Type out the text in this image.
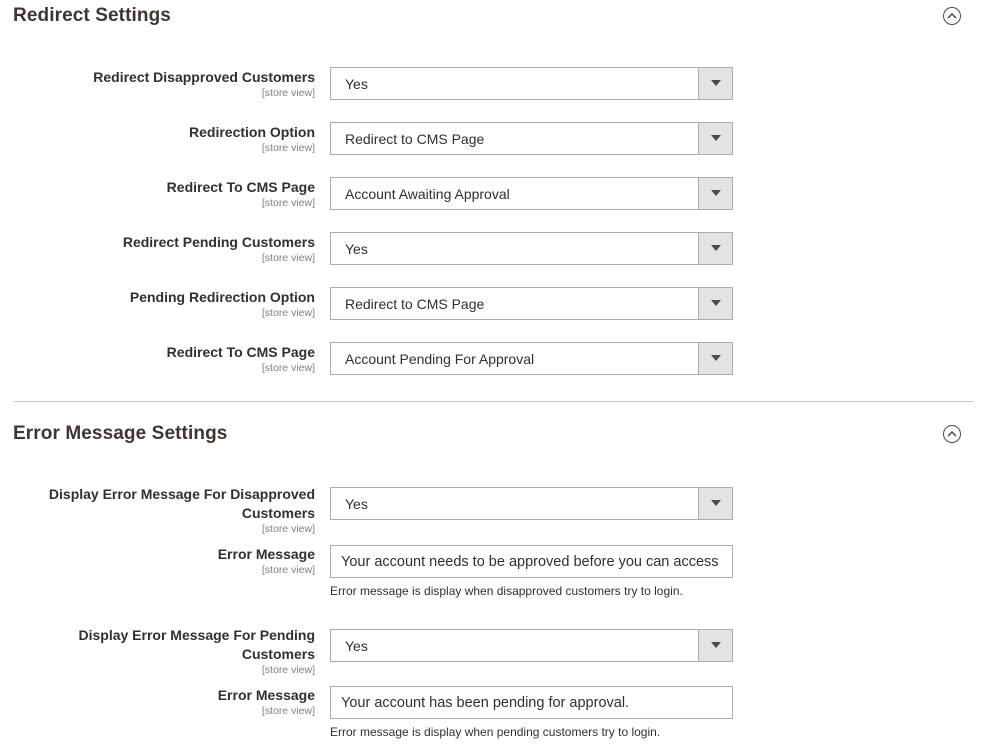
Redirect Settings
Redirect Disapproved Customers
[store view]
Yes
Redirection Option
[store view]
Redirect to CMS Page
Redirect To CMS Page
[store view]
Account Awaiting Approval
Redirect Pending Customers
[store view]
Yes
Pending Redirection Option
[store view]
Redirect to CMS Page
Redirect To CMS Page
[store view]
Account Pending For Approval
Error Message Settings
Display Error Message For Disapproved
Customers
[store view]
Yes
Error Message
[store view]
Your account needs to be approved before you can access
Error message is display when disapproved customers try to login.
Display Error Message For Pending
Customers
[store view]
Yes
Error Message
[store view]
Your account has been pending for approval.
Error message is display when pending customers try to login.
